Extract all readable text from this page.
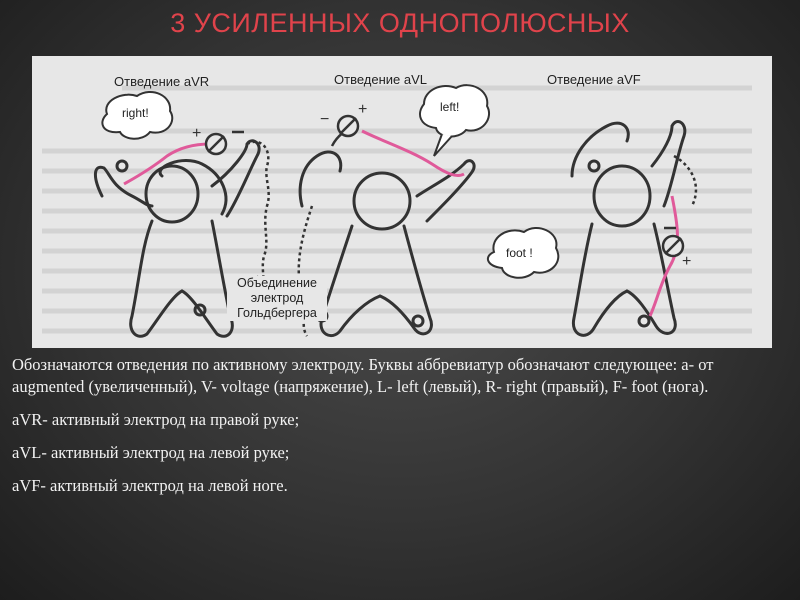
3 УСИЛЕННЫХ ОДНОПОЛЮСНЫХ
+
−
+
+
Отведение aVR	Отведение aVL	Отведение aVF
right!	left!
foot !
Объединение
электрод
Гольдбергера

Обозначаются отведения по активному электроду. Буквы аббревиатур обозначают следующее: a- от augmented (увеличенный), V- voltage (напряжение), L- left (левый), R- right (правый), F- foot (нога).

aVR- активный электрод на правой руке;

aVL- активный электрод на левой руке;

aVF- активный электрод на левой ноге.
